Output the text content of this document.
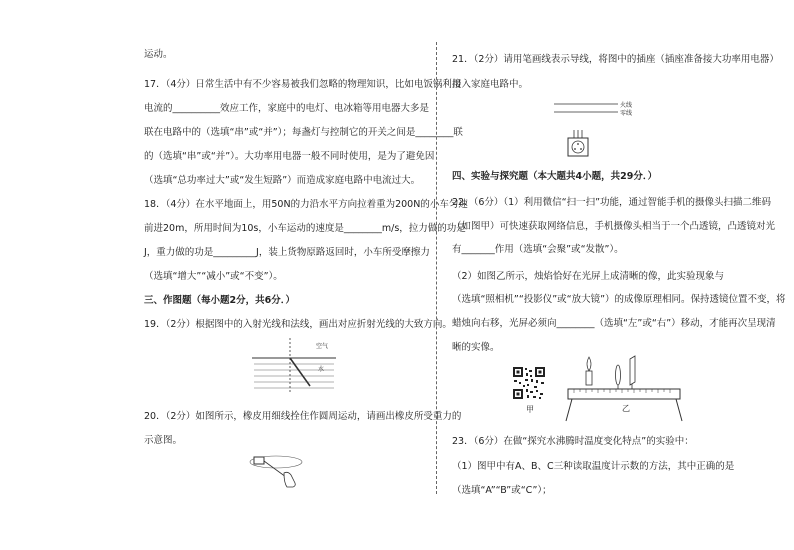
运动。
17．（4分）日常生活中有不少容易被我们忽略的物理知识，比如电饭锅利用
电流的__________效应工作，家庭中的电灯、电冰箱等用电器大多是
联在电路中的（选填“串”或“并”）；每盏灯与控制它的开关之间是________联
的（选填“串”或“并”）。大功率用电器一般不同时使用，是为了避免因
（选填“总功率过大”或“发生短路”）而造成家庭电路中电流过大。
18．（4分）在水平地面上，用50N的力沿水平方向拉着重为200N的小车匀速
前进20m，所用时间为10s，小车运动的速度是________m/s，拉力做的功是
J，重力做的功是_________J，装上货物原路返回时，小车所受摩擦力
（选填“增大”“减小”或“不变”）。
三、作图题（每小题2分，共6分．）
19．（2分）根据图中的入射光线和法线，画出对应折射光线的大致方向。
20．（2分）如图所示，橡皮用细线拴住作圆周运动，请画出橡皮所受重力的
示意图。
空气
水
21．（2分）请用笔画线表示导线，将图中的插座（插座准备接大功率用电器）
接入家庭电路中。
四、实验与探究题（本大题共4小题，共29分．）
22．（6分）（1）利用微信“扫一扫”功能，通过智能手机的摄像头扫描二维码
（如图甲）可快速获取网络信息，手机摄像头相当于一个凸透镜，凸透镜对光
有_______作用（选填“会聚”或“发散”）。
（2）如图乙所示，烛焰恰好在光屏上成清晰的像，此实验现象与
（选填“照相机”“投影仪”或“放大镜”）的成像原理相同。保持透镜位置不变，将
蜡烛向右移，光屏必须向________（选填“左”或“右”）移动，才能再次呈现清
晰的实像。
23．（6分）在做“探究水沸腾时温度变化特点”的实验中：
（1）图甲中有A、B、C三种读取温度计示数的方法，其中正确的是
（选填“A”“B”或“C”）；
火线
零线
甲	乙
